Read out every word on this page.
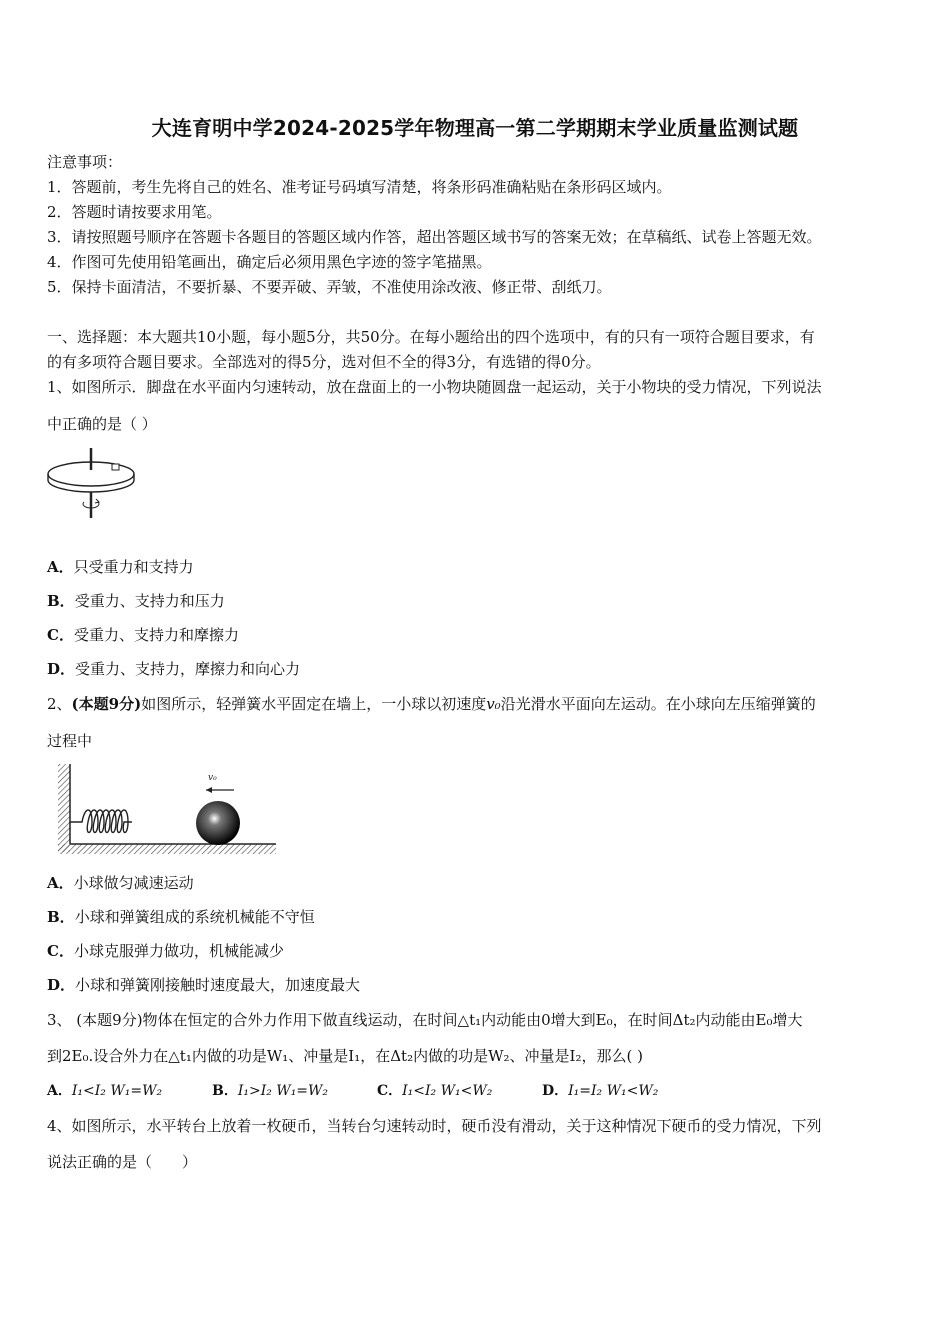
大连育明中学2024-2025学年物理高一第二学期期末学业质量监测试题
注意事项：
1．答题前，考生先将自己的姓名、准考证号码填写清楚，将条形码准确粘贴在条形码区域内。
2．答题时请按要求用笔。
3．请按照题号顺序在答题卡各题目的答题区域内作答，超出答题区域书写的答案无效；在草稿纸、试卷上答题无效。
4．作图可先使用铅笔画出，确定后必须用黑色字迹的签字笔描黑。
5．保持卡面清洁，不要折暴、不要弄破、弄皱，不准使用涂改液、修正带、刮纸刀。
一、选择题：本大题共10小题，每小题5分，共50分。在每小题给出的四个选项中，有的只有一项符合题目要求，有
的有多项符合题目要求。全部选对的得5分，选对但不全的得3分，有选错的得0分。
1、如图所示．脚盘在水平面内匀速转动，放在盘面上的一小物块随圆盘一起运动，关于小物块的受力情况，下列说法
中正确的是（ ）
A．只受重力和支持力
B．受重力、支持力和压力
C．受重力、支持力和摩擦力
D．受重力、支持力，摩擦力和向心力
2、(本题9分)如图所示，轻弹簧水平固定在墙上，一小球以初速度v₀沿光滑水平面向左运动。在小球向左压缩弹簧的
过程中
v₀
A．小球做匀减速运动
B．小球和弹簧组成的系统机械能不守恒
C．小球克服弹力做功，机械能减少
D．小球和弹簧刚接触时速度最大，加速度最大
3、 (本题9分)物体在恒定的合外力作用下做直线运动，在时间△t₁内动能由0增大到E₀，在时间Δt₂内动能由E₀增大
到2E₀.设合外力在△t₁内做的功是W₁、冲量是I₁，在Δt₂内做的功是W₂、冲量是I₂，那么( )
A．I₁<I₂ W₁=W₂	B．I₁>I₂ W₁=W₂	C．I₁<I₂ W₁<W₂	D．I₁=I₂ W₁<W₂
4、如图所示，水平转台上放着一枚硬币，当转台匀速转动时，硬币没有滑动，关于这种情况下硬币的受力情况，下列
说法正确的是（　　）
